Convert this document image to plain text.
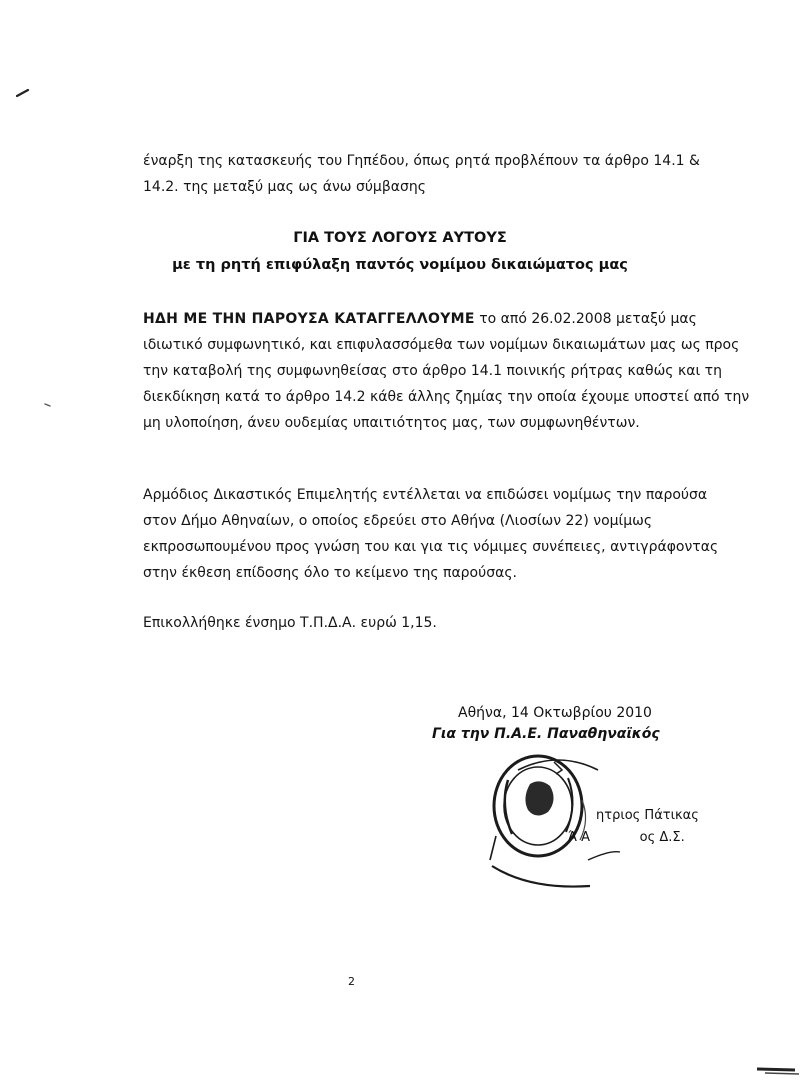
έναρξη της κατασκευής του Γηπέδου, όπως ρητά προβλέπουν τα άρθρο 14.1 &
14.2. της μεταξύ μας ως άνω σύμβασης
ΓΙΑ ΤΟΥΣ ΛΟΓΟΥΣ ΑΥΤΟΥΣ
με τη ρητή επιφύλαξη παντός νομίμου δικαιώματος μας
ΗΔΗ ΜΕ ΤΗΝ ΠΑΡΟΥΣΑ ΚΑΤΑΓΓΕΛΛΟΥΜΕ το από 26.02.2008 μεταξύ μας
ιδιωτικό συμφωνητικό, και επιφυλασσόμεθα των νομίμων δικαιωμάτων μας ως προς
την καταβολή της συμφωνηθείσας στο άρθρο 14.1 ποινικής ρήτρας καθώς και τη
διεκδίκηση κατά το άρθρο 14.2 κάθε άλλης ζημίας την οποία έχουμε υποστεί από την
μη υλοποίηση, άνευ ουδεμίας υπαιτιότητος μας, των συμφωνηθέντων.
Αρμόδιος Δικαστικός Επιμελητής εντέλλεται να επιδώσει νομίμως την παρούσα
στον Δήμο Αθηναίων, ο οποίος εδρεύει στο Αθήνα (Λιοσίων 22) νομίμως
εκπροσωπουμένου προς γνώση του και για τις νόμιμες συνέπειες, αντιγράφοντας
στην έκθεση επίδοσης όλο το κείμενο της παρούσας.
Επικολλήθηκε ένσημο Τ.Π.Δ.Α. ευρώ 1,15.
Αθήνα, 14 Οκτωβρίου 2010
Για την Π.Α.Ε. Παναθηναϊκός
ητριος Πάτικας
Ά Α            ος Δ.Σ.
2
